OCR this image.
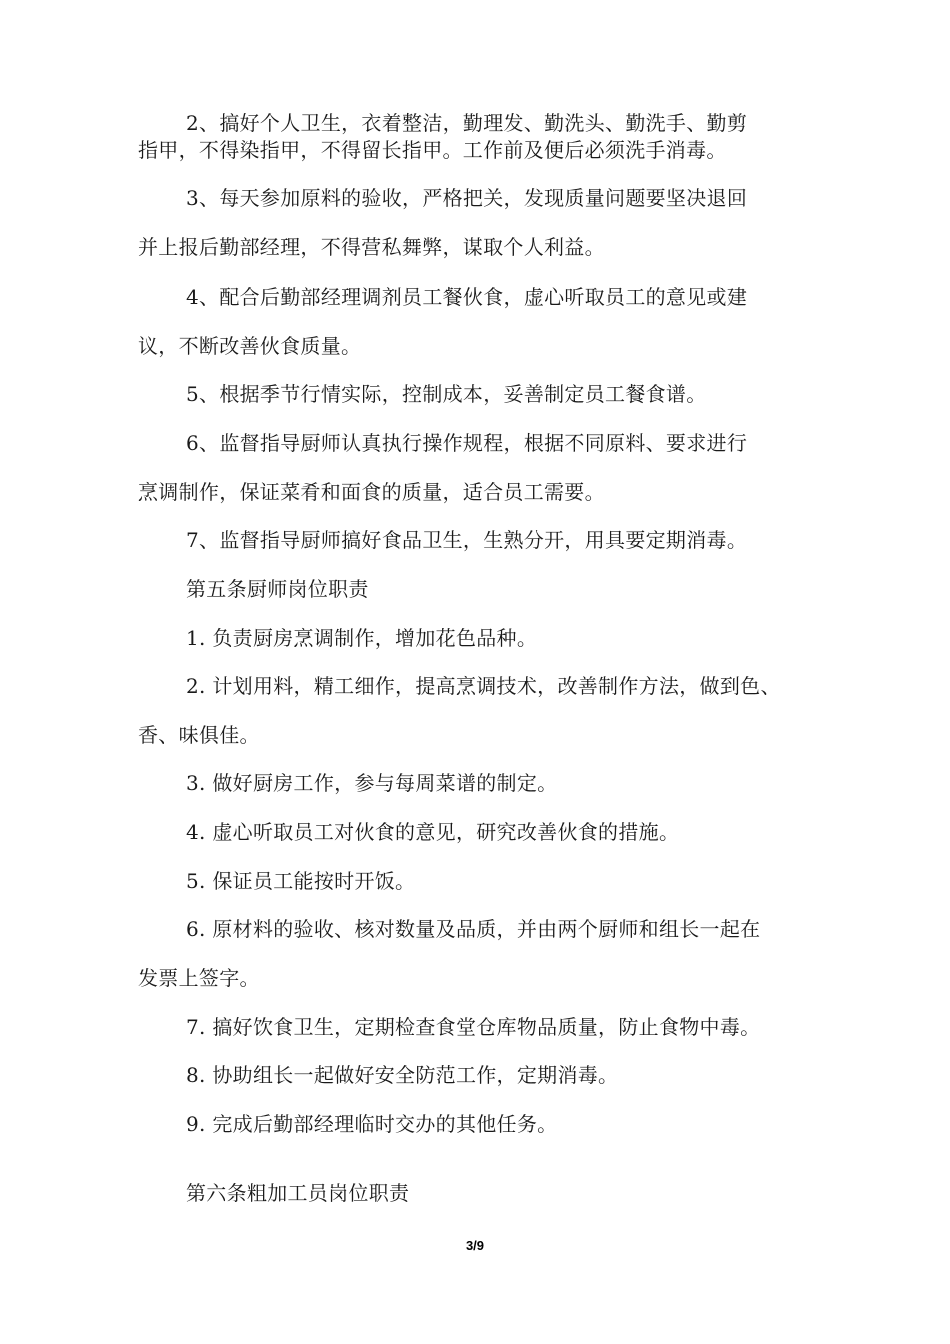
2、搞好个人卫生，衣着整洁，勤理发、勤洗头、勤洗手、勤剪
指甲，不得染指甲，不得留长指甲。工作前及便后必须洗手消毒。
3、每天参加原料的验收，严格把关，发现质量问题要坚决退回
并上报后勤部经理，不得营私舞弊，谋取个人利益。
4、配合后勤部经理调剂员工餐伙食，虚心听取员工的意见或建
议，不断改善伙食质量。
5、根据季节行情实际，控制成本，妥善制定员工餐食谱。
6、监督指导厨师认真执行操作规程，根据不同原料、要求进行
烹调制作，保证菜肴和面食的质量，适合员工需要。
7、监督指导厨师搞好食品卫生，生熟分开，用具要定期消毒。
第五条厨师岗位职责
1. 负责厨房烹调制作，增加花色品种。
2. 计划用料，精工细作，提高烹调技术，改善制作方法，做到色、
香、味俱佳。
3. 做好厨房工作，参与每周菜谱的制定。
4. 虚心听取员工对伙食的意见，研究改善伙食的措施。
5. 保证员工能按时开饭。
6. 原材料的验收、核对数量及品质，并由两个厨师和组长一起在
发票上签字。
7. 搞好饮食卫生，定期检查食堂仓库物品质量，防止食物中毒。
8. 协助组长一起做好安全防范工作，定期消毒。
9. 完成后勤部经理临时交办的其他任务。
第六条粗加工员岗位职责
3/9
